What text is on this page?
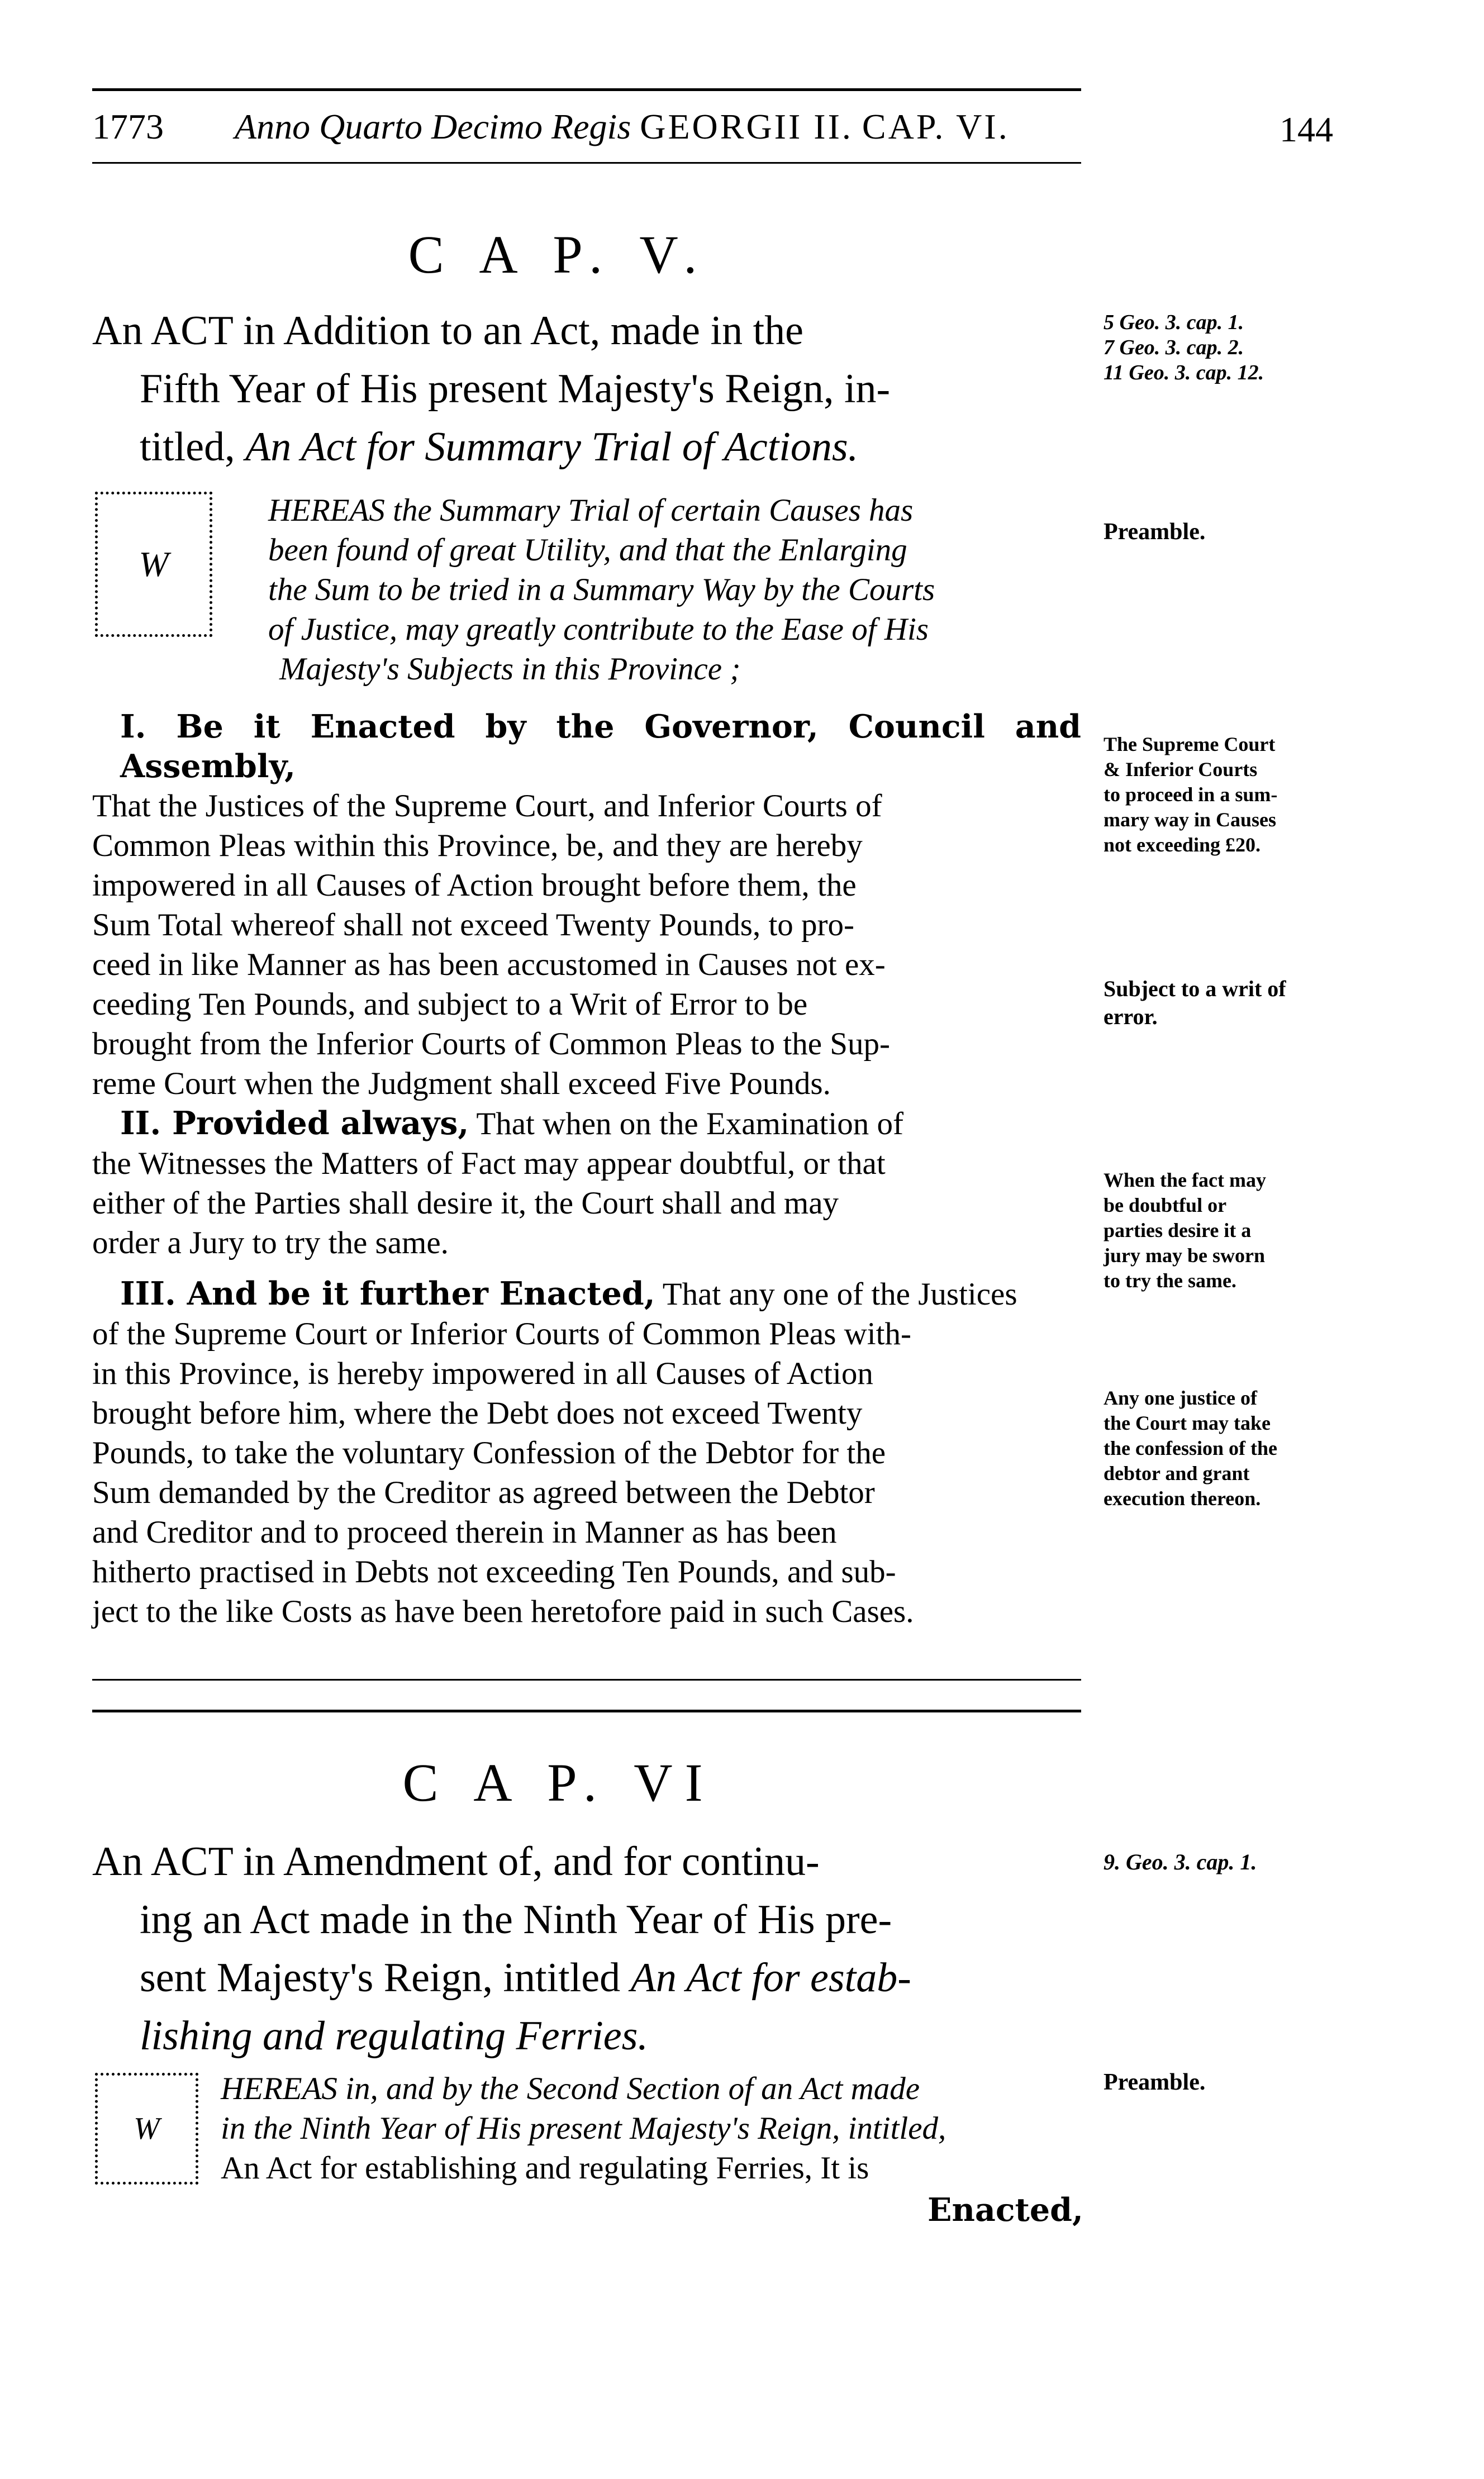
1773 Anno Quarto Decimo Regis GEORGII II. CAP. VI.	144
C A P. V.
An ACT in Addition to an Act, made in the
Fifth Year of His present Majesty's Reign, in-
titled, An Act for Summary Trial of Actions.
5 Geo. 3. cap. 1.
7 Geo. 3. cap. 2.
11 Geo. 3. cap. 12.
W
HEREAS the Summary Trial of certain Causes has
been found of great Utility, and that the Enlarging
the Sum to be tried in a Summary Way by the Courts
of Justice, may greatly contribute to the Ease of His
Majesty's Subjects in this Province ;
Preamble.
I. Be it Enacted by the Governor, Council and Assembly,
That the Justices of the Supreme Court, and Inferior Courts of
Common Pleas within this Province, be, and they are hereby
impowered in all Causes of Action brought before them, the
Sum Total whereof shall not exceed Twenty Pounds, to pro-
ceed in like Manner as has been accustomed in Causes not ex-
ceeding Ten Pounds, and subject to a Writ of Error to be
brought from the Inferior Courts of Common Pleas to the Sup-
reme Court when the Judgment shall exceed Five Pounds.
The Supreme Court
& Inferior Courts
to proceed in a sum-
mary way in Causes
not exceeding £20.
Subject to a writ of
error.
II. Provided always, That when on the Examination of
the Witnesses the Matters of Fact may appear doubtful, or that
either of the Parties shall desire it, the Court shall and may
order a Jury to try the same.
When the fact may
be doubtful or
parties desire it a
jury may be sworn
to try the same.
III. And be it further Enacted, That any one of the Justices
of the Supreme Court or Inferior Courts of Common Pleas with-
in this Province, is hereby impowered in all Causes of Action
brought before him, where the Debt does not exceed Twenty
Pounds, to take the voluntary Confession of the Debtor for the
Sum demanded by the Creditor as agreed between the Debtor
and Creditor and to proceed therein in Manner as has been
hitherto practised in Debts not exceeding Ten Pounds, and sub-
ject to the like Costs as have been heretofore paid in such Cases.
Any one justice of
the Court may take
the confession of the
debtor and grant
execution thereon.
C A P. VI
An ACT in Amendment of, and for continu-
ing an Act made in the Ninth Year of His pre-
sent Majesty's Reign, intitled An Act for estab-
lishing and regulating Ferries.
9. Geo. 3. cap. 1.
W
HEREAS in, and by the Second Section of an Act made
in the Ninth Year of His present Majesty's Reign, intitled,
An Act for establishing and regulating Ferries, It is
Enacted,
Preamble.
